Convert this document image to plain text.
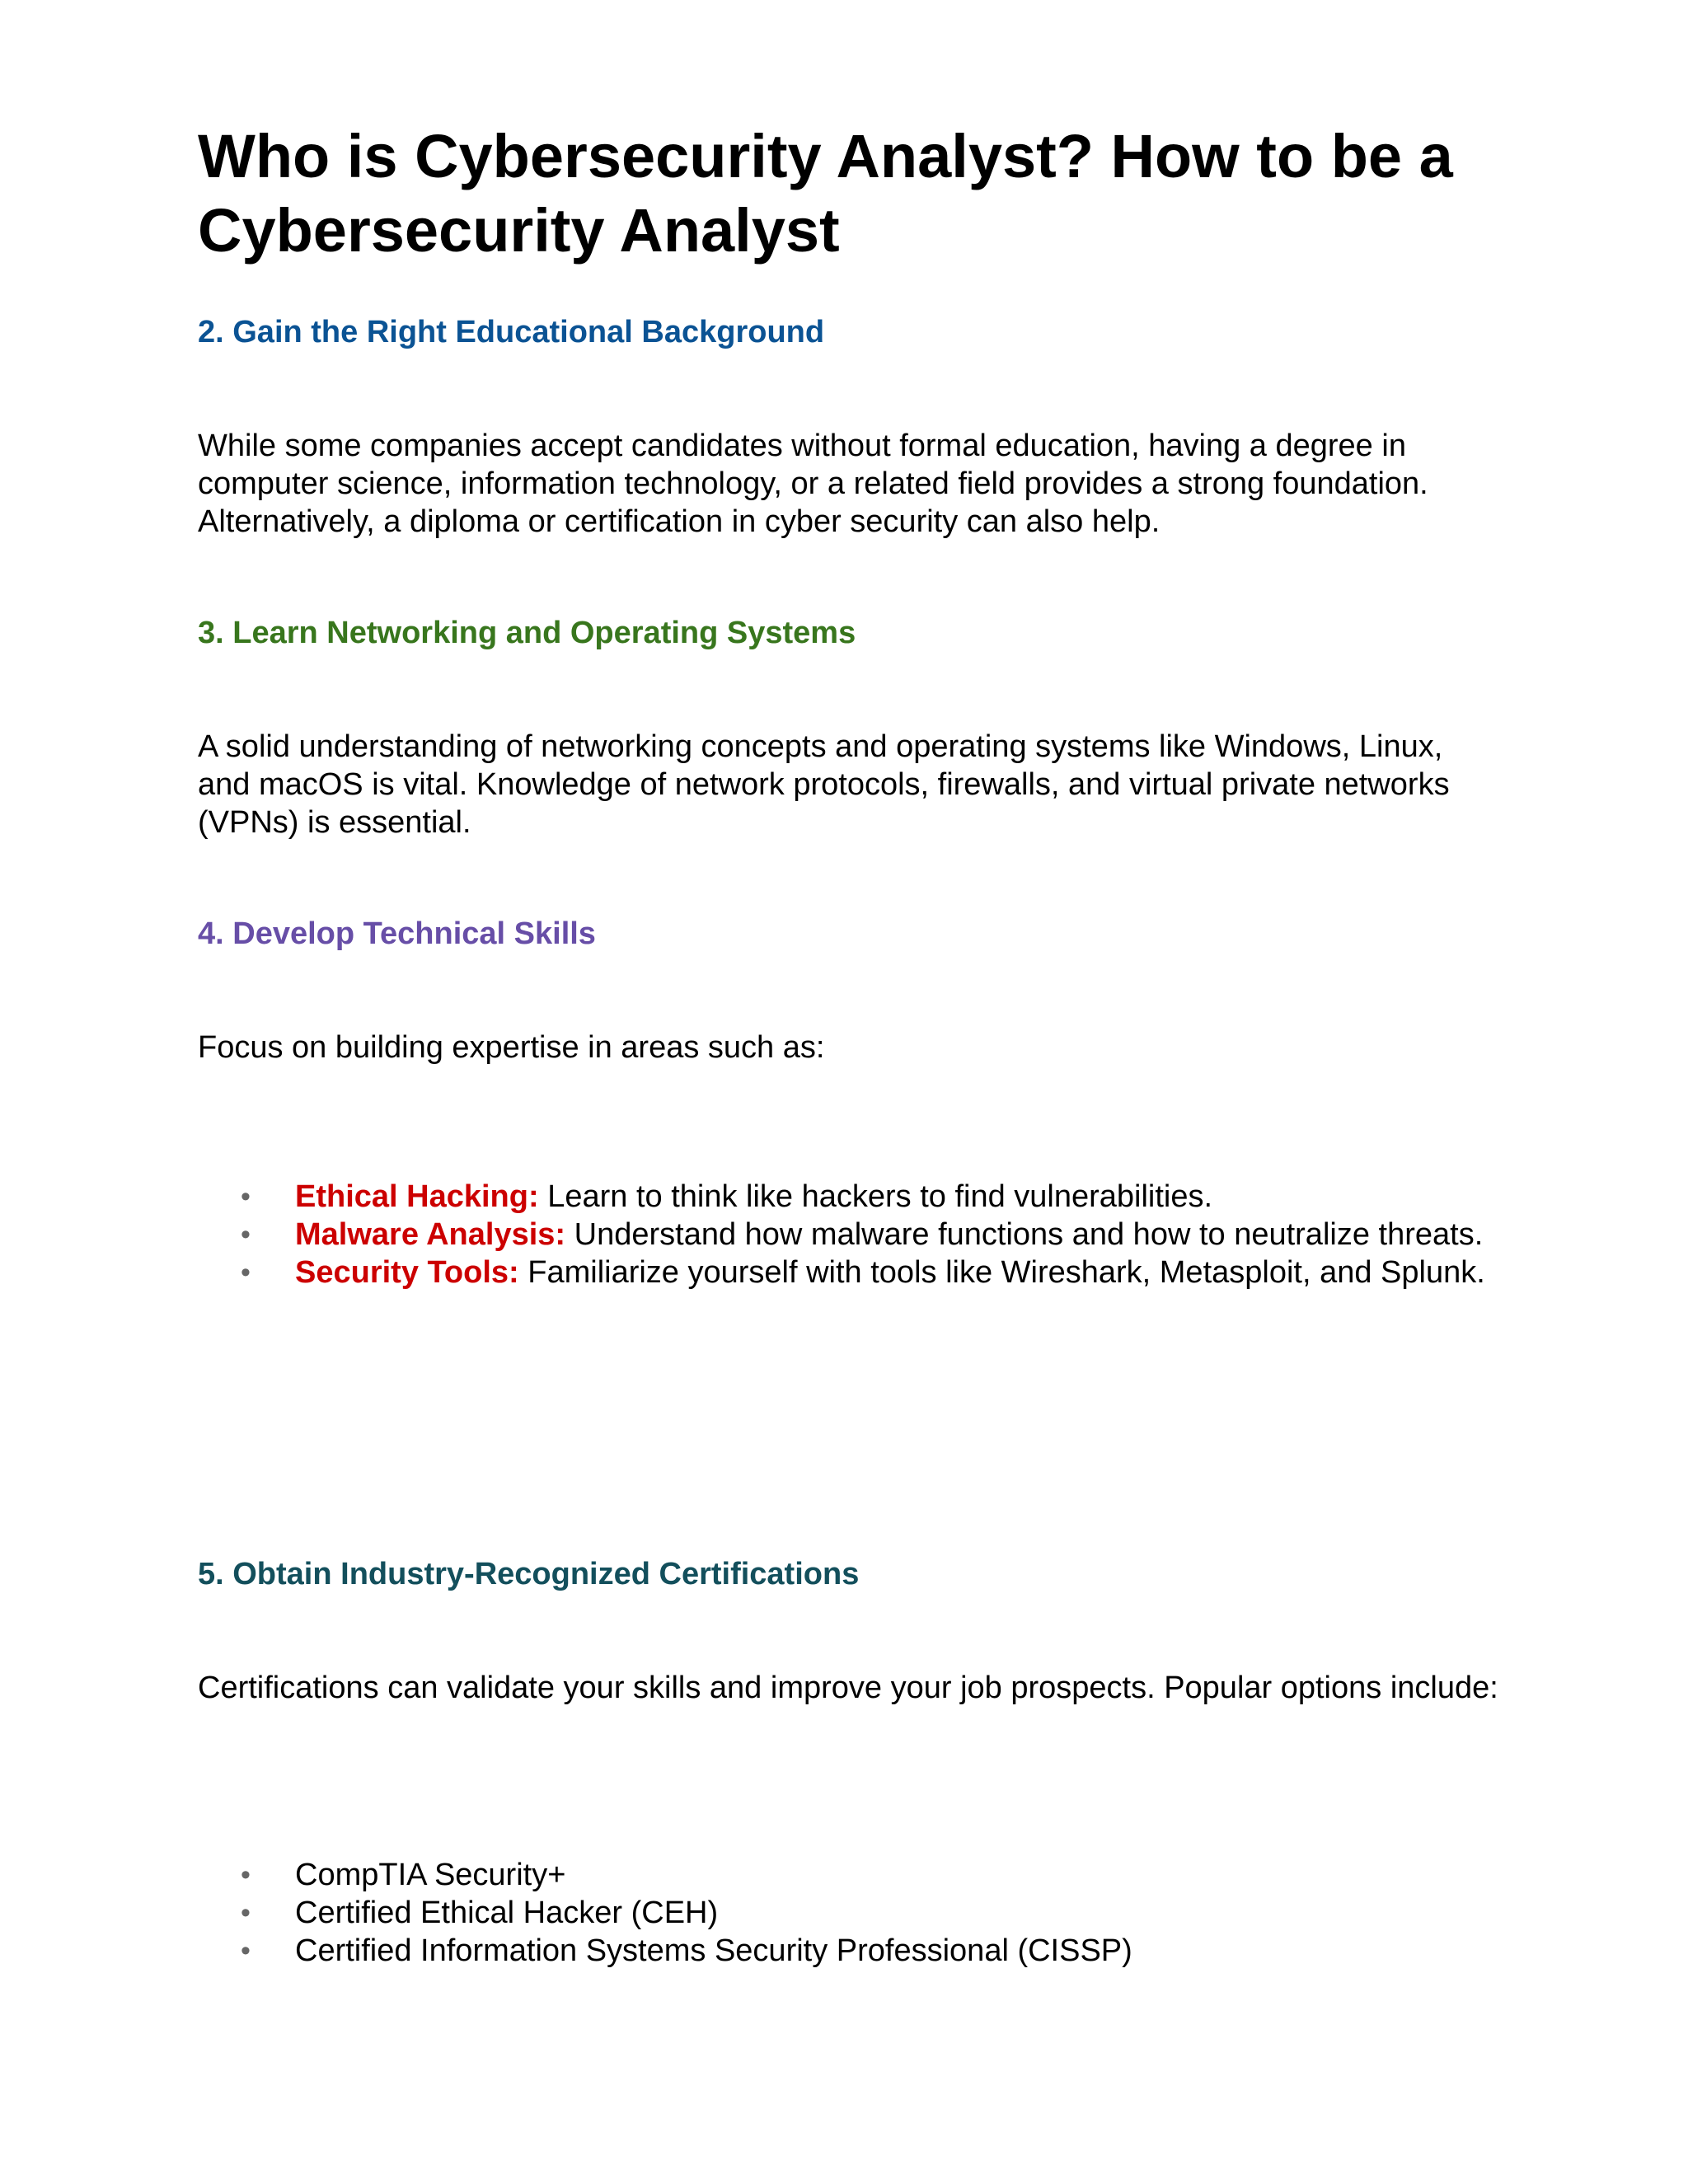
Who is Cybersecurity Analyst? How to be a Cybersecurity Analyst
2. Gain the Right Educational Background

While some companies accept candidates without formal education, having a degree in computer science, information technology, or a related field provides a strong foundation. Alternatively, a diploma or certification in cyber security can also help.

3. Learn Networking and Operating Systems

A solid understanding of networking concepts and operating systems like Windows, Linux, and macOS is vital. Knowledge of network protocols, firewalls, and virtual private networks (VPNs) is essential.

4. Develop Technical Skills

Focus on building expertise in areas such as:

• Ethical Hacking: Learn to think like hackers to find vulnerabilities.
• Malware Analysis: Understand how malware functions and how to neutralize threats.
• Security Tools: Familiarize yourself with tools like Wireshark, Metasploit, and Splunk.
5. Obtain Industry-Recognized Certifications

Certifications can validate your skills and improve your job prospects. Popular options include:

• CompTIA Security+
• Certified Ethical Hacker (CEH)
• Certified Information Systems Security Professional (CISSP)
